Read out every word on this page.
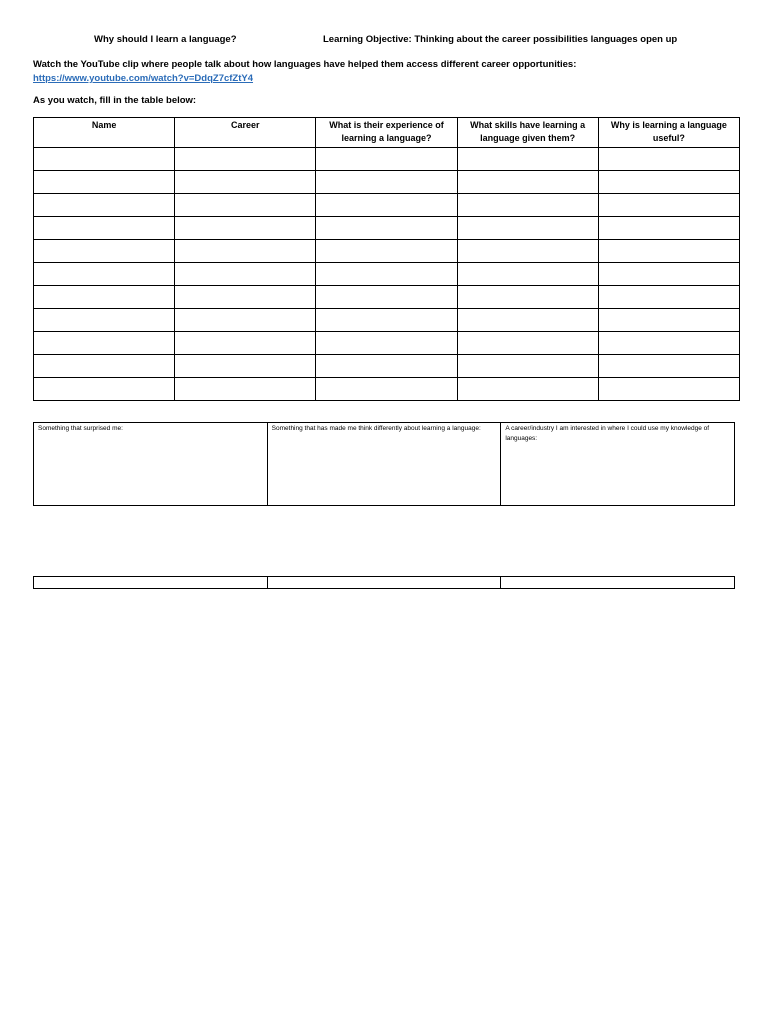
Why should I learn a language?	Learning Objective: Thinking about the career possibilities languages open up
Watch the YouTube clip where people talk about how languages have helped them access different career opportunities:
https://www.youtube.com/watch?v=DdqZ7cfZtY4
As you watch, fill in the table below:
Name	Career	What is their experience of learning a language?	What skills have learning a language given them?	Why is learning a language useful?

Something that surprised me:	Something that has made me think differently about learning a language:	A career/industry I am interested in where I could use my knowledge of languages:
